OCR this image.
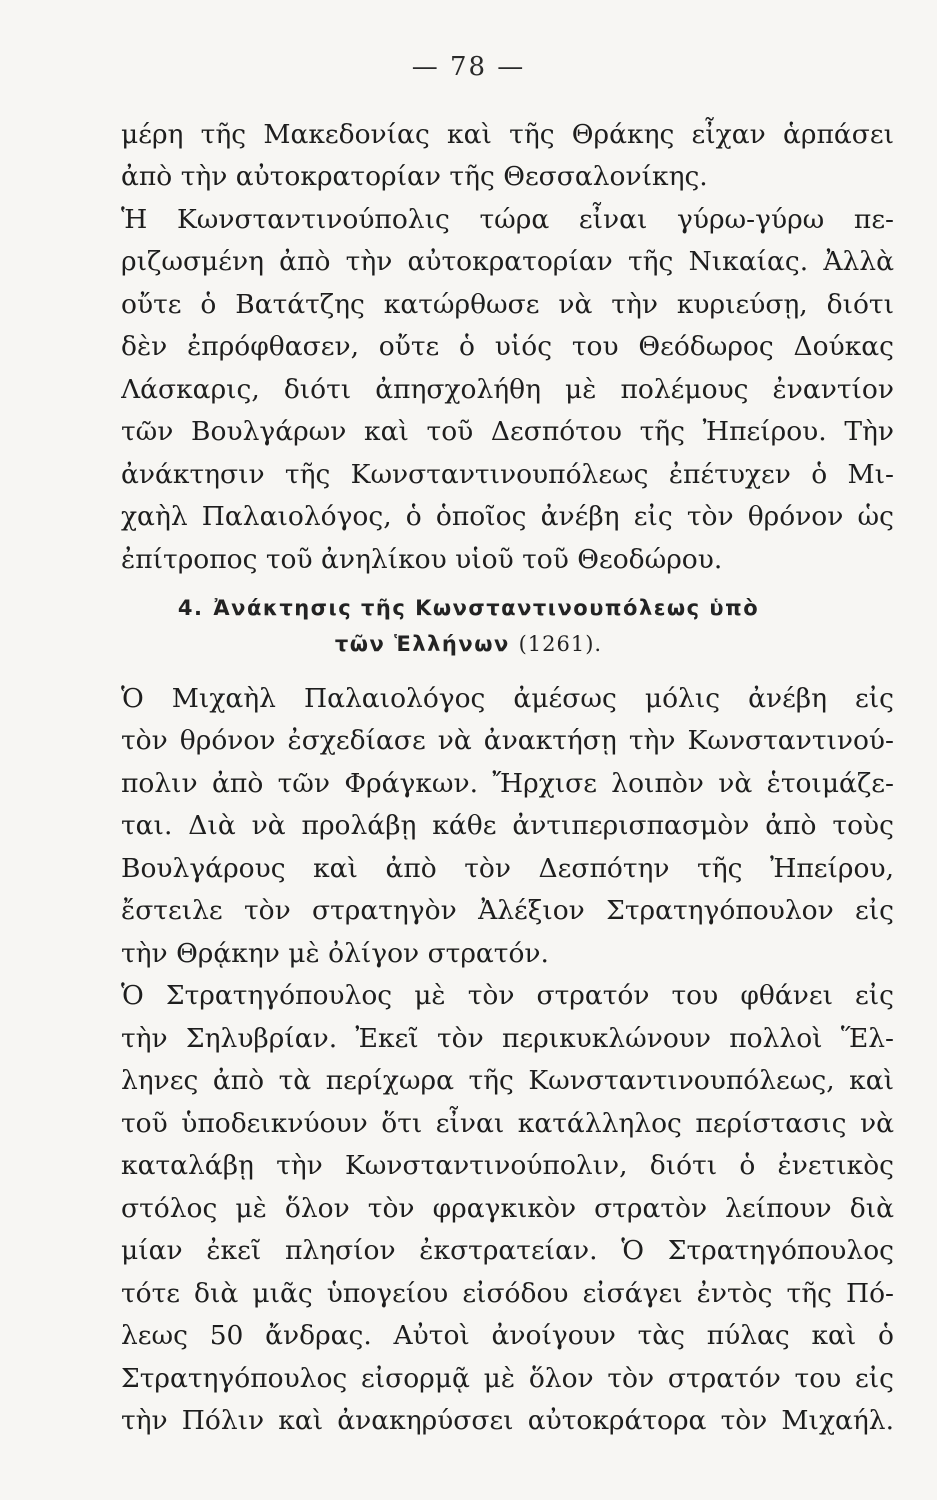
— 78 —
μέρη τῆς Μακεδονίας καὶ τῆς Θράκης εἶχαν ἁρπάσει
ἀπὸ τὴν αὐτοκρατορίαν τῆς Θεσσαλονίκης.
Ἡ Κωνσταντινούπολις τώρα εἶναι γύρω-γύρω πε-
ριζωσμένη ἀπὸ τὴν αὐτοκρατορίαν τῆς Νικαίας. Ἀλλὰ
οὔτε ὁ Βατάτζης κατώρθωσε νὰ τὴν κυριεύσῃ, διότι
δὲν ἐπρόφθασεν, οὔτε ὁ υἱός του Θεόδωρος Δούκας
Λάσκαρις, διότι ἀπησχολήθη μὲ πολέμους ἐναντίον
τῶν Βουλγάρων καὶ τοῦ Δεσπότου τῆς Ἠπείρου. Τὴν
ἀνάκτησιν τῆς Κωνσταντινουπόλεως ἐπέτυχεν ὁ Μι-
χαὴλ Παλαιολόγος, ὁ ὁποῖος ἀνέβη εἰς τὸν θρόνον ὡς
ἐπίτροπος τοῦ ἀνηλίκου υἱοῦ τοῦ Θεοδώρου.
4. Ἀνάκτησις τῆς Κωνσταντινουπόλεως ὑπὸ
τῶν Ἑλλήνων (1261).
Ὁ Μιχαὴλ Παλαιολόγος ἀμέσως μόλις ἀνέβη εἰς
τὸν θρόνον ἐσχεδίασε νὰ ἀνακτήσῃ τὴν Κωνσταντινού-
πολιν ἀπὸ τῶν Φράγκων. Ἤρχισε λοιπὸν νὰ ἑτοιμάζε-
ται. Διὰ νὰ προλάβῃ κάθε ἀντιπερισπασμὸν ἀπὸ τοὺς
Βουλγάρους καὶ ἀπὸ τὸν Δεσπότην τῆς Ἠπείρου,
ἔστειλε τὸν στρατηγὸν Ἀλέξιον Στρατηγόπουλον εἰς
τὴν Θρᾴκην μὲ ὀλίγον στρατόν.
Ὁ Στρατηγόπουλος μὲ τὸν στρατόν του φθάνει εἰς
τὴν Σηλυβρίαν. Ἐκεῖ τὸν περικυκλώνουν πολλοὶ Ἕλ-
ληνες ἀπὸ τὰ περίχωρα τῆς Κωνσταντινουπόλεως, καὶ
τοῦ ὑποδεικνύουν ὅτι εἶναι κατάλληλος περίστασις νὰ
καταλάβῃ τὴν Κωνσταντινούπολιν, διότι ὁ ἐνετικὸς
στόλος μὲ ὅλον τὸν φραγκικὸν στρατὸν λείπουν διὰ
μίαν ἐκεῖ πλησίον ἐκστρατείαν. Ὁ Στρατηγόπουλος
τότε διὰ μιᾶς ὑπογείου εἰσόδου εἰσάγει ἐντὸς τῆς Πό-
λεως 50 ἄνδρας. Αὐτοὶ ἀνοίγουν τὰς πύλας καὶ ὁ
Στρατηγόπουλος εἰσορμᾷ μὲ ὅλον τὸν στρατόν του εἰς
τὴν Πόλιν καὶ ἀνακηρύσσει αὐτοκράτορα τὸν Μιχαήλ.
